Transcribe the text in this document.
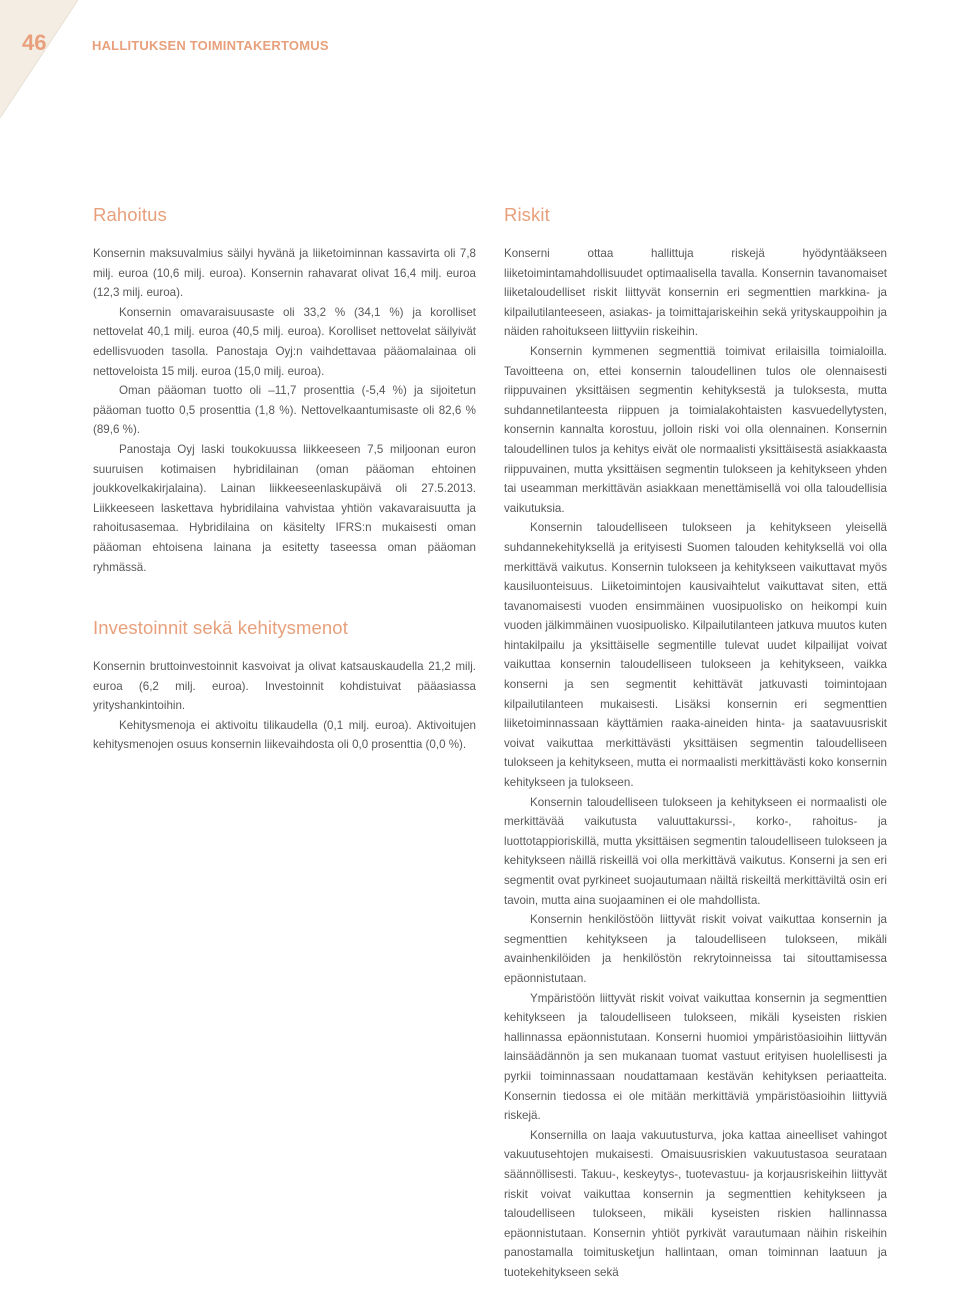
46	HALLITUKSEN TOIMINTAKERTOMUS
Rahoitus

Konsernin maksuvalmius säilyi hyvänä ja liiketoiminnan kassavirta oli 7,8 milj. euroa (10,6 milj. euroa). Konsernin rahavarat olivat 16,4 milj. euroa (12,3 milj. euroa).

Konsernin omavaraisuusaste oli 33,2 % (34,1 %) ja korolliset nettovelat 40,1 milj. euroa (40,5 milj. euroa). Korolliset nettovelat säilyivät edellisvuoden tasolla. Panostaja Oyj:n vaihdettavaa pääomalainaa oli nettoveloista 15 milj. euroa (15,0 milj. euroa).

Oman pääoman tuotto oli –11,7 prosenttia (-5,4 %) ja sijoitetun pääoman tuotto 0,5 prosenttia (1,8 %). Nettovelkaantumisaste oli 82,6 % (89,6 %).

Panostaja Oyj laski toukokuussa liikkeeseen 7,5 miljoonan euron suuruisen kotimaisen hybridilainan (oman pääoman ehtoinen joukkovelkakirjalaina). Lainan liikkeeseenlaskupäivä oli 27.5.2013. Liikkeeseen laskettava hybridilaina vahvistaa yhtiön vakavaraisuutta ja rahoitusasemaa. Hybridilaina on käsitelty IFRS:n mukaisesti oman pääoman ehtoisena lainana ja esitetty taseessa oman pääoman ryhmässä.

Investoinnit sekä kehitysmenot

Konsernin bruttoinvestoinnit kasvoivat ja olivat katsauskaudella 21,2 milj. euroa (6,2 milj. euroa). Investoinnit kohdistuivat pääasiassa yrityshankintoihin.

Kehitysmenoja ei aktivoitu tilikaudella (0,1 milj. euroa). Aktivoitujen kehitysmenojen osuus konsernin liikevaihdosta oli 0,0 prosenttia (0,0 %).

Riskit

Konserni ottaa hallittuja riskejä hyödyntääkseen liiketoimintamahdollisuudet optimaalisella tavalla. Konsernin tavanomaiset liiketaloudelliset riskit liittyvät konsernin eri segmenttien markkina- ja kilpailutilanteeseen, asiakas- ja toimittajariskeihin sekä yrityskauppoihin ja näiden rahoitukseen liittyviin riskeihin.

Konsernin kymmenen segmenttiä toimivat erilaisilla toimialoilla. Tavoitteena on, ettei konsernin taloudellinen tulos ole olennaisesti riippuvainen yksittäisen segmentin kehityksestä ja tuloksesta, mutta suhdannetilanteesta riippuen ja toimialakohtaisten kasvuedellytysten, konsernin kannalta korostuu, jolloin riski voi olla olennainen. Konsernin taloudellinen tulos ja kehitys eivät ole normaalisti yksittäisestä asiakkaasta riippuvainen, mutta yksittäisen segmentin tulokseen ja kehitykseen yhden tai useamman merkittävän asiakkaan menettämisellä voi olla taloudellisia vaikutuksia.

Konsernin taloudelliseen tulokseen ja kehitykseen yleisellä suhdannekehityksellä ja erityisesti Suomen talouden kehityksellä voi olla merkittävä vaikutus. Konsernin tulokseen ja kehitykseen vaikuttavat myös kausiluonteisuus. Liiketoimintojen kausivaihtelut vaikuttavat siten, että tavanomaisesti vuoden ensimmäinen vuosipuolisko on heikompi kuin vuoden jälkimmäinen vuosipuolisko. Kilpailutilanteen jatkuva muutos kuten hintakilpailu ja yksittäiselle segmentille tulevat uudet kilpailijat voivat vaikuttaa konsernin taloudelliseen tulokseen ja kehitykseen, vaikka konserni ja sen segmentit kehittävät jatkuvasti toimintojaan kilpailutilanteen mukaisesti. Lisäksi konsernin eri segmenttien liiketoiminnassaan käyttämien raaka-aineiden hinta- ja saatavuusriskit voivat vaikuttaa merkittävästi yksittäisen segmentin taloudelliseen tulokseen ja kehitykseen, mutta ei normaalisti merkittävästi koko konsernin kehitykseen ja tulokseen.

Konsernin taloudelliseen tulokseen ja kehitykseen ei normaalisti ole merkittävää vaikutusta valuuttakurssi-, korko-, rahoitus- ja luottotappioriskillä, mutta yksittäisen segmentin taloudelliseen tulokseen ja kehitykseen näillä riskeillä voi olla merkittävä vaikutus. Konserni ja sen eri segmentit ovat pyrkineet suojautumaan näiltä riskeiltä merkittäviltä osin eri tavoin, mutta aina suojaaminen ei ole mahdollista.

Konsernin henkilöstöön liittyvät riskit voivat vaikuttaa konsernin ja segmenttien kehitykseen ja taloudelliseen tulokseen, mikäli avainhenkilöiden ja henkilöstön rekrytoinneissa tai sitouttamisessa epäonnistutaan.

Ympäristöön liittyvät riskit voivat vaikuttaa konsernin ja segmenttien kehitykseen ja taloudelliseen tulokseen, mikäli kyseisten riskien hallinnassa epäonnistutaan. Konserni huomioi ympäristöasioihin liittyvän lainsäädännön ja sen mukanaan tuomat vastuut erityisen huolellisesti ja pyrkii toiminnassaan noudattamaan kestävän kehityksen periaatteita. Konsernin tiedossa ei ole mitään merkittäviä ympäristöasioihin liittyviä riskejä.

Konsernilla on laaja vakuutusturva, joka kattaa aineelliset vahingot vakuutusehtojen mukaisesti. Omaisuusriskien vakuutustasoa seurataan säännöllisesti. Takuu-, keskeytys-, tuotevastuu- ja korjausriskeihin liittyvät riskit voivat vaikuttaa konsernin ja segmenttien kehitykseen ja taloudelliseen tulokseen, mikäli kyseisten riskien hallinnassa epäonnistutaan. Konsernin yhtiöt pyrkivät varautumaan näihin riskeihin panostamalla toimitusketjun hallintaan, oman toiminnan laatuun ja tuotekehitykseen sekä
